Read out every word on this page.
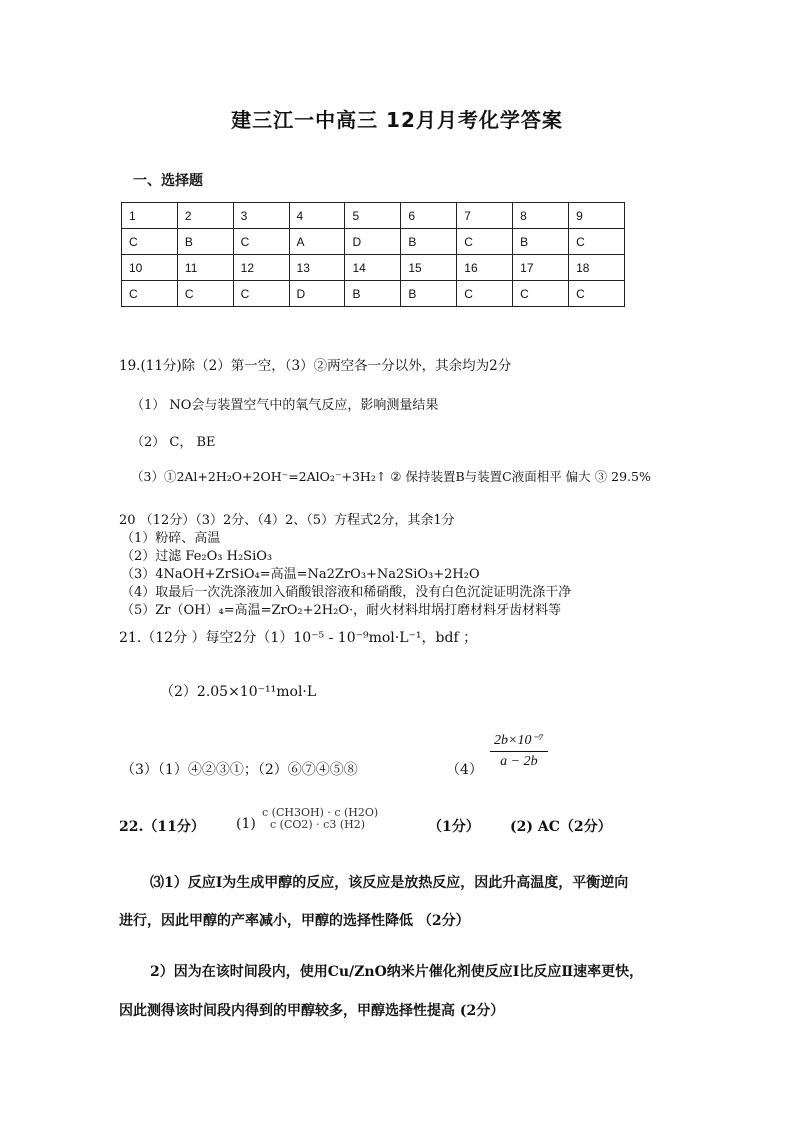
建三江一中高三 12月月考化学答案
一、选择题
1	2	3	4	5	6	7	8	9
C	B	C	A	D	B	C	B	C
10	11	12	13	14	15	16	17	18
C	C	C	D	B	B	C	C	C
19.(11分)除（2）第一空，（3）②两空各一分以外，其余均为2分
（1） NO会与装置空气中的氧气反应，影响测量结果
（2） C， BE
（3）①2Al+2H₂O+2OH⁻=2AlO₂⁻+3H₂↑ ② 保持装置B与装置C液面相平 偏大 ③ 29.5%
20 （12分）（3）2分、（4）2、（5）方程式2分，其余1分
（1）粉碎、高温
（2）过滤 Fe₂O₃ H₂SiO₃
（3）4NaOH+ZrSiO₄=高温=Na2ZrO₃+Na2SiO₃+2H₂O
（4）取最后一次洗涤液加入硝酸银溶液和稀硝酸，没有白色沉淀证明洗涤干净
（5）Zr（OH）₄=高温=ZrO₂+2H₂O·，耐火材料坩埚打磨材料牙齿材料等
21.（12分 ）每空2分（1）10⁻⁵ - 10⁻⁹mol·L⁻¹，bdf ；
（2）2.05×10⁻¹¹mol·L
（3）（1）④②③①；（2）⑥⑦④⑤⑧	$(4) \frac{\text{2b×10⁻⁷}}{a - 2b}$
22.（11分） (1)
c (CH3OH) · c (H2O)
c (CO2) · c3 (H2)	（1分） (2) AC（2分）
⑶1）反应Ⅰ为生成甲醇的反应，该反应是放热反应，因此升高温度，平衡逆向
进行，因此甲醇的产率减小，甲醇的选择性降低 （2分）
2）因为在该时间段内，使用Cu/ZnO纳米片催化剂使反应Ⅰ比反应Ⅱ速率更快，
因此测得该时间段内得到的甲醇较多，甲醇选择性提高 (2分）
